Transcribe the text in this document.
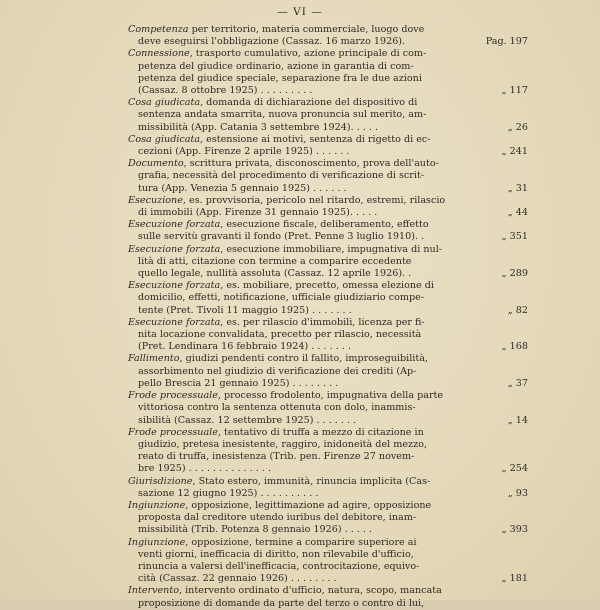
— VI —
Competenza per territorio, materia commerciale, luogo dove
deve eseguirsi l'obbligazione (Cassaz. 16 marzo 1926).	Pag. 197
Connessione, trasporto cumulativo, azione principale di com-
petenza del giudice ordinario, azione in garantia di com-
petenza del giudice speciale, separazione fra le due azioni
(Cassaz. 8 ottobre 1925) . . . . . . . . .	„ 117
Cosa giudicata, domanda di dichiarazione del dispositivo di
sentenza andata smarrita, nuova pronuncia sul merito, am-
missibilità (App. Catania 3 settembre 1924). . . . .	„ 26
Cosa giudicata, estensione ai motivi, sentenza di rigetto di ec-
cezioni (App. Firenze 2 aprile 1925) . . . . . .	„ 241
Documento, scrittura privata, disconoscimento, prova dell'auto-
grafia, necessità del procedimento di verificazione di scrit-
tura (App. Venezia 5 gennaio 1925) . . . . . .	„ 31
Esecuzione, es. provvisoria, pericolo nel ritardo, estremi, rilascio
di immobili (App. Firenze 31 gennaio 1925). . . . .	„ 44
Esecuzione forzata, esecuzione fiscale, deliberamento, effetto
sulle servitù gravanti il fondo (Pret. Penne 3 luglio 1910). .	„ 351
Esecuzione forzata, esecuzione immobiliare, impugnativa di nul-
lità di atti, citazione con termine a comparire eccedente
quello legale, nullità assoluta (Cassaz. 12 aprile 1926). .	„ 289
Esecuzione forzata, es. mobiliare, precetto, omessa elezione di
domicilio, effetti, notificazione, ufficiale giudiziario compe-
tente (Pret. Tivoli 11 maggio 1925) . . . . . . .	„ 82
Esecuzione forzata, es. per rilascio d'immobili, licenza per fi-
nita locazione convalidata, precetto per rilascio, necessità
(Pret. Lendinara 16 febbraio 1924) . . . . . . .	„ 168
Fallimento, giudizi pendenti contro il fallito, improseguibilità,
assorbimento nel giudizio di verificazione dei crediti (Ap-
pello Brescia 21 gennaio 1925) . . . . . . . .	„ 37
Frode processuale, processo frodolento, impugnativa della parte
vittoriosa contro la sentenza ottenuta con dolo, inammis-
sibilità (Cassaz. 12 settembre 1925) . . . . . . .	„ 14
Frode processuale, tentativo di truffa a mezzo di citazione in
giudizio, pretesa inesistente, raggiro, inidoneità del mezzo,
reato di truffa, inesistenza (Trib. pen. Firenze 27 novem-
bre 1925) . . . . . . . . . . . . . .	„ 254
Giurisdizione, Stato estero, immunità, rinuncia implicita (Cas-
sazione 12 giugno 1925) . . . . . . . . . .	„ 93
Ingiunzione, opposizione, legittimazione ad agire, opposizione
proposta dal creditore utendo iuribus del debitore, inam-
missibilità (Trib. Potenza 8 gennaio 1926) . . . . .	„ 393
Ingiunzione, opposizione, termine a comparire superiore ai
venti giorni, inefficacia di diritto, non rilevabile d'ufficio,
rinuncia a valersi dell'inefficacia, controcitazione, equivo-
cità (Cassaz. 22 gennaio 1926) . . . . . . . .	„ 181
Intervento, intervento ordinato d'ufficio, natura, scopo, mancata
proposizione di domande da parte del terzo o contro di lui,
